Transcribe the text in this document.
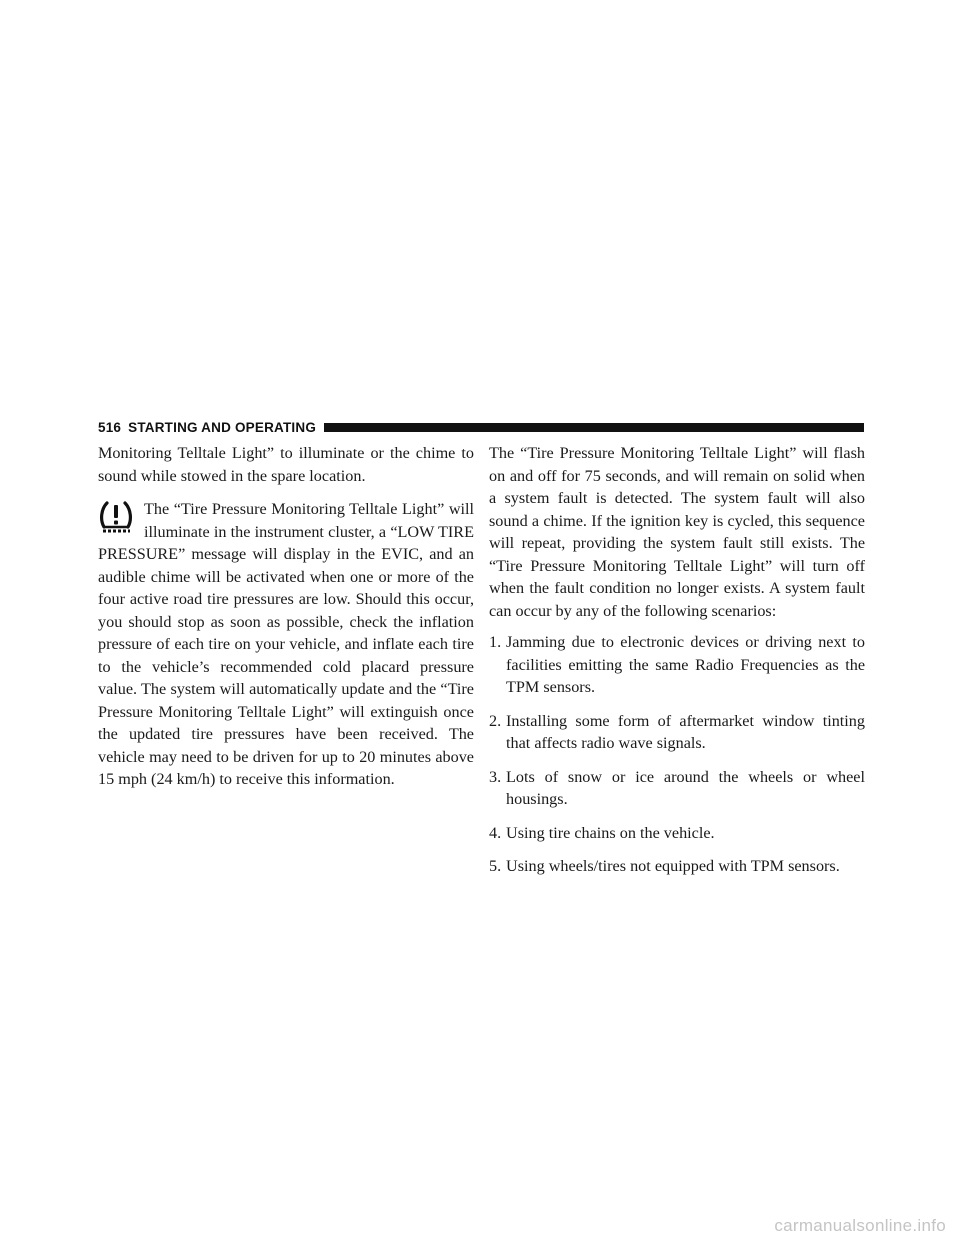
516 STARTING AND OPERATING

Monitoring Telltale Light” to illuminate or the chime to sound while stowed in the spare location.

The “Tire Pressure Monitoring Telltale Light” will illuminate in the instrument cluster, a “LOW TIRE PRESSURE” message will display in the EVIC, and an audible chime will be activated when one or more of the four active road tire pressures are low. Should this occur, you should stop as soon as possible, check the inflation pressure of each tire on your vehicle, and inflate each tire to the vehicle’s recommended cold placard pressure value. The system will automatically update and the “Tire Pressure Monitoring Telltale Light” will extinguish once the updated tire pressures have been received. The vehicle may need to be driven for up to 20 minutes above 15 mph (24 km/h) to receive this information.

The “Tire Pressure Monitoring Telltale Light” will flash on and off for 75 seconds, and will remain on solid when a system fault is detected. The system fault will also sound a chime. If the ignition key is cycled, this sequence will repeat, providing the system fault still exists. The “Tire Pressure Monitoring Telltale Light” will turn off when the fault condition no longer exists. A system fault can occur by any of the following scenarios:

1. Jamming due to electronic devices or driving next to facilities emitting the same Radio Frequencies as the TPM sensors.
2. Installing some form of aftermarket window tinting that affects radio wave signals.
3. Lots of snow or ice around the wheels or wheel housings.
4. Using tire chains on the vehicle.
5. Using wheels/tires not equipped with TPM sensors.
carmanualsonline.info
